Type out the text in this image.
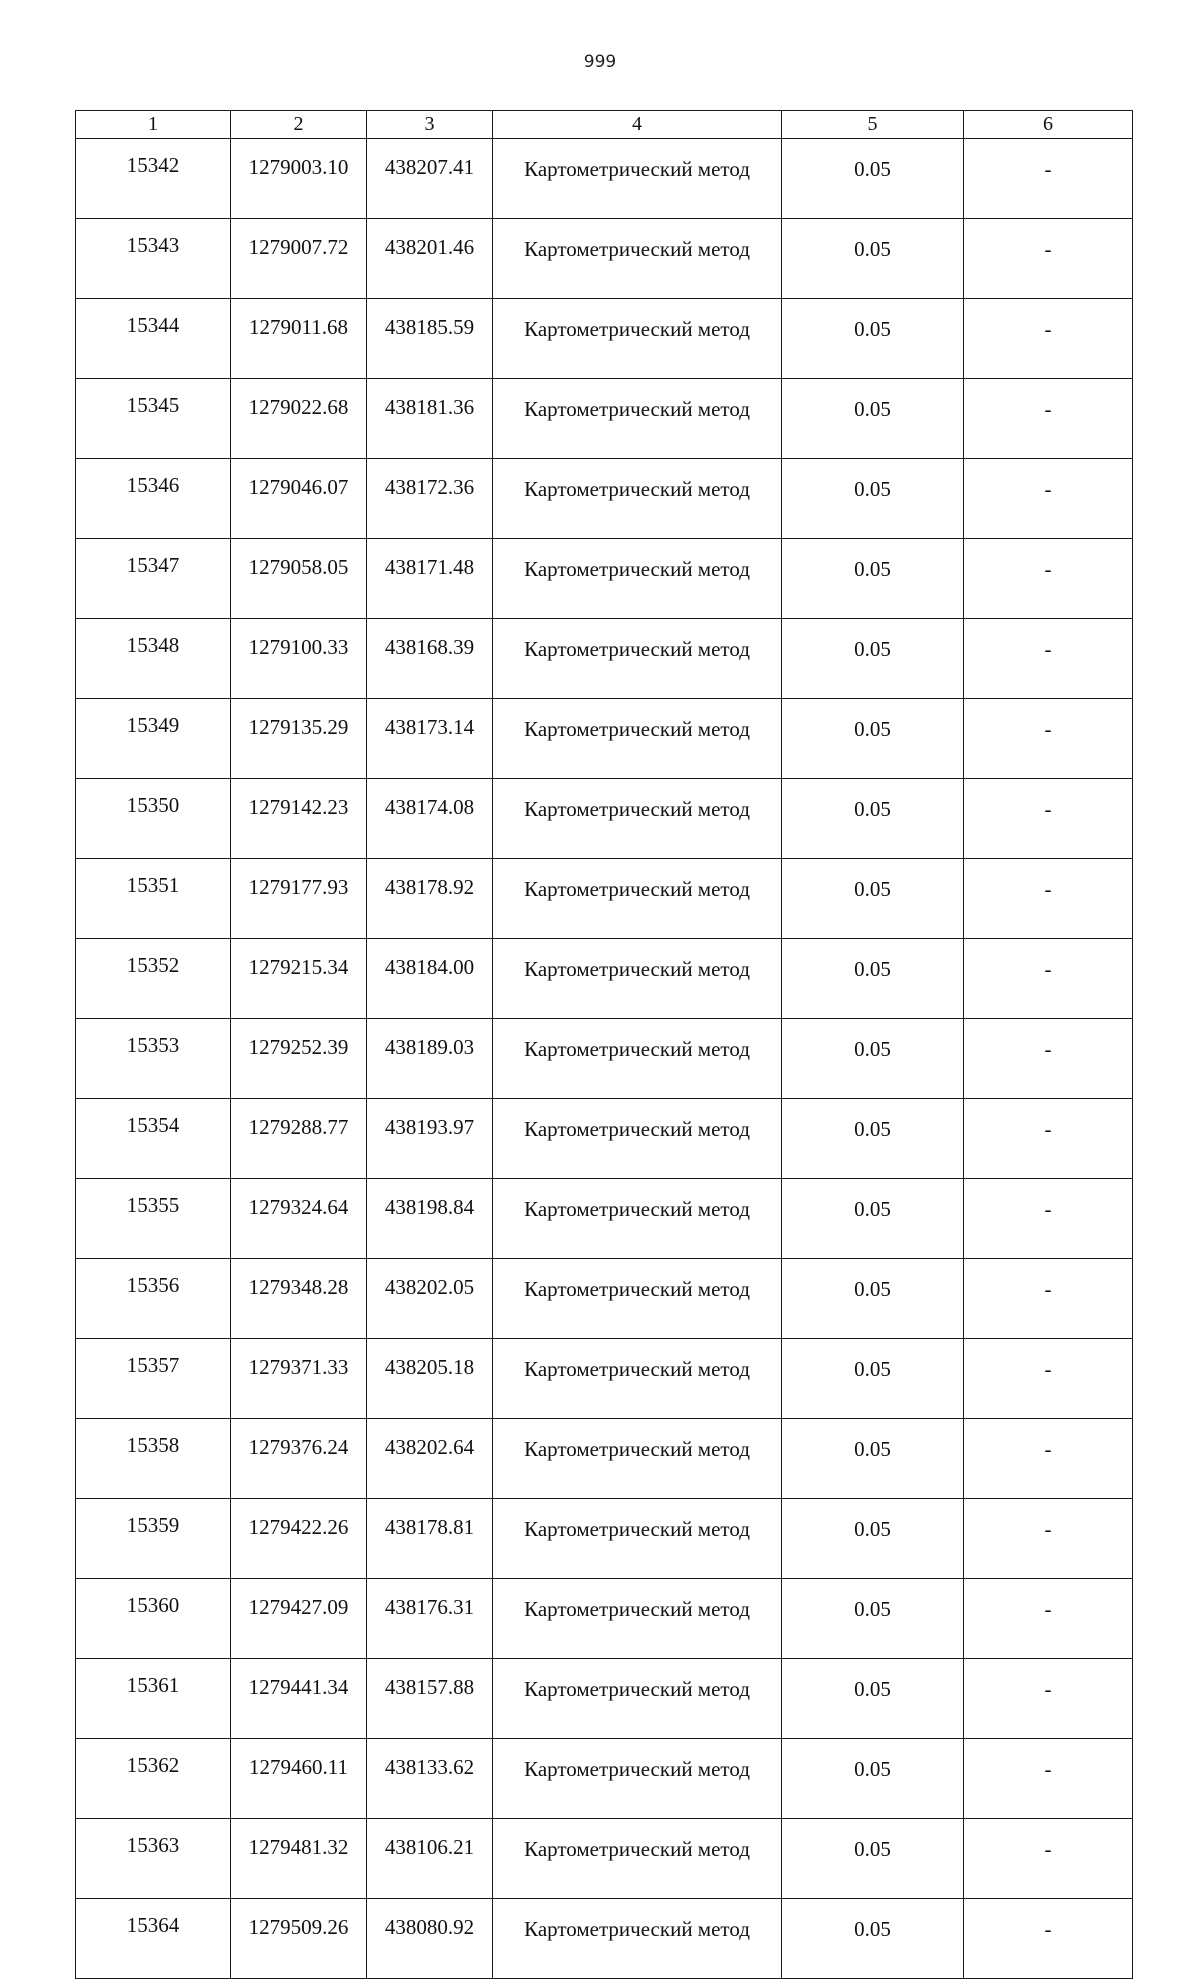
999
1	2	3	4	5	6
15342	1279003.10	438207.41	Картометрический метод	0.05	-
15343	1279007.72	438201.46	Картометрический метод	0.05	-
15344	1279011.68	438185.59	Картометрический метод	0.05	-
15345	1279022.68	438181.36	Картометрический метод	0.05	-
15346	1279046.07	438172.36	Картометрический метод	0.05	-
15347	1279058.05	438171.48	Картометрический метод	0.05	-
15348	1279100.33	438168.39	Картометрический метод	0.05	-
15349	1279135.29	438173.14	Картометрический метод	0.05	-
15350	1279142.23	438174.08	Картометрический метод	0.05	-
15351	1279177.93	438178.92	Картометрический метод	0.05	-
15352	1279215.34	438184.00	Картометрический метод	0.05	-
15353	1279252.39	438189.03	Картометрический метод	0.05	-
15354	1279288.77	438193.97	Картометрический метод	0.05	-
15355	1279324.64	438198.84	Картометрический метод	0.05	-
15356	1279348.28	438202.05	Картометрический метод	0.05	-
15357	1279371.33	438205.18	Картометрический метод	0.05	-
15358	1279376.24	438202.64	Картометрический метод	0.05	-
15359	1279422.26	438178.81	Картометрический метод	0.05	-
15360	1279427.09	438176.31	Картометрический метод	0.05	-
15361	1279441.34	438157.88	Картометрический метод	0.05	-
15362	1279460.11	438133.62	Картометрический метод	0.05	-
15363	1279481.32	438106.21	Картометрический метод	0.05	-
15364	1279509.26	438080.92	Картометрический метод	0.05	-
